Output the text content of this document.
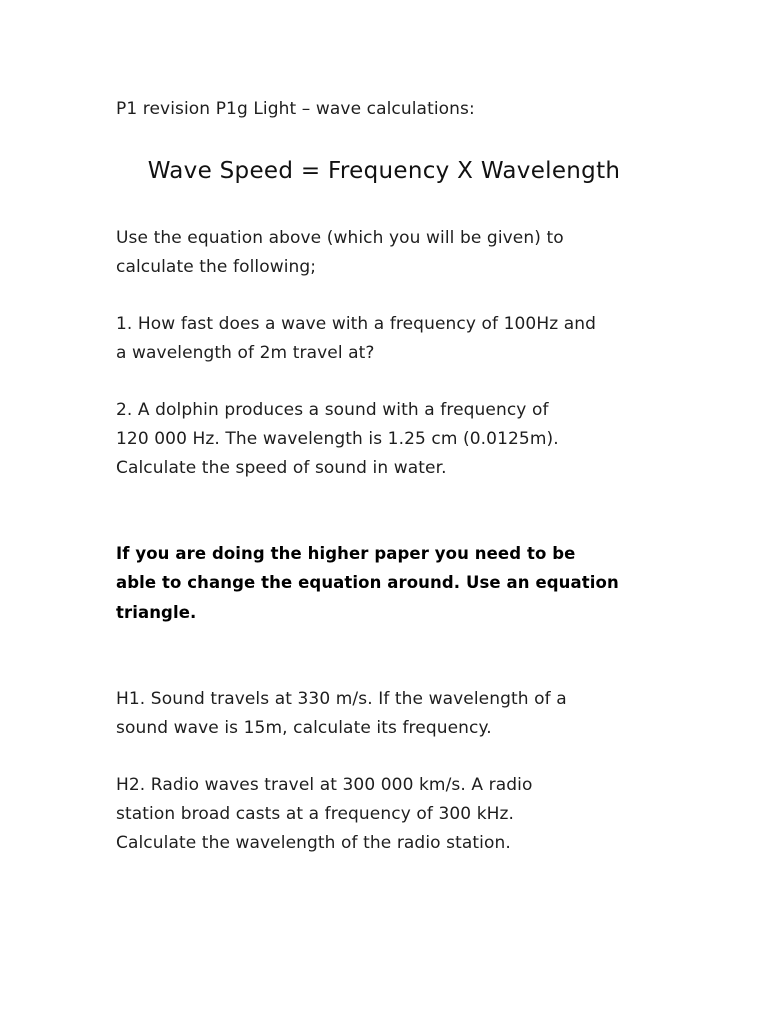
P1 revision P1g Light – wave calculations:
Wave Speed = Frequency X Wavelength
Use the equation above (which you will be given) to
calculate the following;
1. How fast does a wave with a frequency of 100Hz and
a wavelength of 2m travel at?
2. A dolphin produces a sound with a frequency of
120 000 Hz. The wavelength is 1.25 cm (0.0125m).
Calculate the speed of sound in water.
If you are doing the higher paper you need to be
able to change the equation around. Use an equation
triangle.
H1. Sound travels at 330 m/s. If the wavelength of a
sound wave is 15m, calculate its frequency.
H2. Radio waves travel at 300 000 km/s. A radio
station broad casts at a frequency of 300 kHz.
Calculate the wavelength of the radio station.
